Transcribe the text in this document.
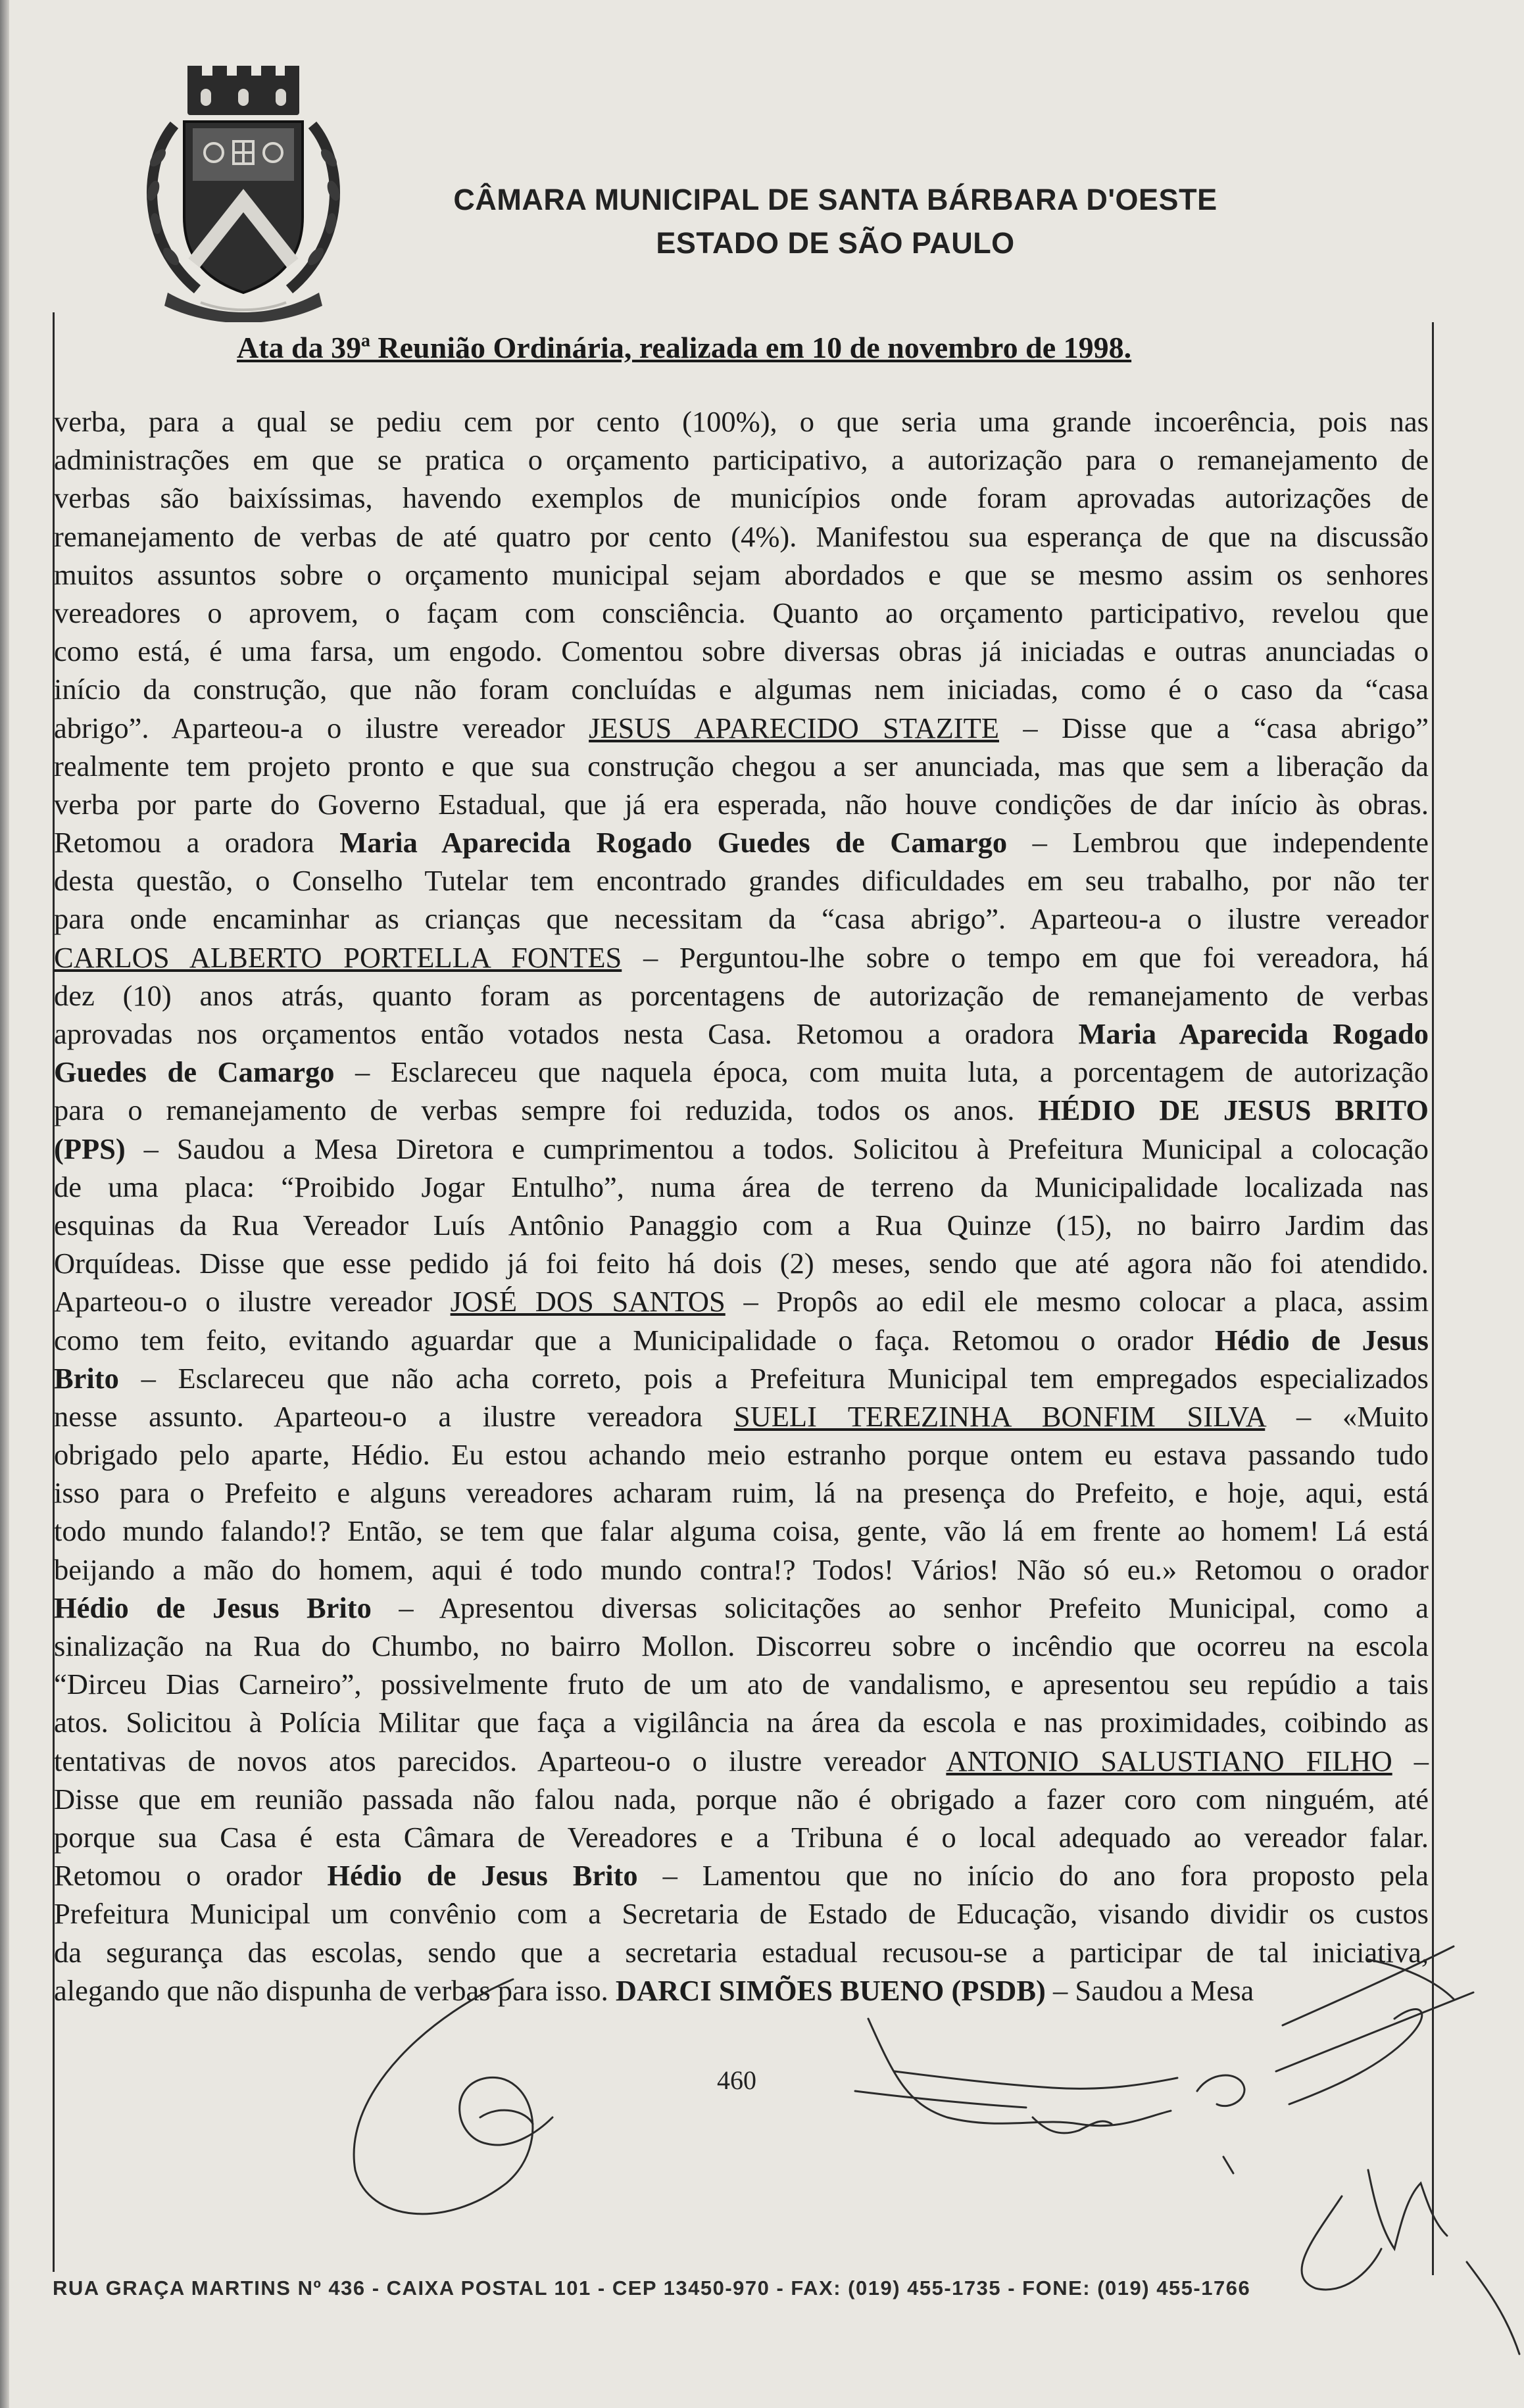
CÂMARA MUNICIPAL DE SANTA BÁRBARA D'OESTE
ESTADO DE SÃO PAULO
Ata da 39ª Reunião Ordinária, realizada em 10 de novembro de 1998.
verba, para a qual se pediu cem por cento (100%), o que seria uma grande incoerência, pois nas
administrações em que se pratica o orçamento participativo, a autorização para o remanejamento de
verbas são baixíssimas, havendo exemplos de municípios onde foram aprovadas autorizações de
remanejamento de verbas de até quatro por cento (4%). Manifestou sua esperança de que na discussão
muitos assuntos sobre o orçamento municipal sejam abordados e que se mesmo assim os senhores
vereadores o aprovem, o façam com consciência. Quanto ao orçamento participativo, revelou que
como está, é uma farsa, um engodo. Comentou sobre diversas obras já iniciadas e outras anunciadas o
início da construção, que não foram concluídas e algumas nem iniciadas, como é o caso da “casa
abrigo”. Aparteou-a o ilustre vereador JESUS APARECIDO STAZITE – Disse que a “casa abrigo”
realmente tem projeto pronto e que sua construção chegou a ser anunciada, mas que sem a liberação da
verba por parte do Governo Estadual, que já era esperada, não houve condições de dar início às obras.
Retomou a oradora Maria Aparecida Rogado Guedes de Camargo – Lembrou que independente
desta questão, o Conselho Tutelar tem encontrado grandes dificuldades em seu trabalho, por não ter
para onde encaminhar as crianças que necessitam da “casa abrigo”. Aparteou-a o ilustre vereador
CARLOS ALBERTO PORTELLA FONTES – Perguntou-lhe sobre o tempo em que foi vereadora, há
dez (10) anos atrás, quanto foram as porcentagens de autorização de remanejamento de verbas
aprovadas nos orçamentos então votados nesta Casa. Retomou a oradora Maria Aparecida Rogado
Guedes de Camargo – Esclareceu que naquela época, com muita luta, a porcentagem de autorização
para o remanejamento de verbas sempre foi reduzida, todos os anos. HÉDIO DE JESUS BRITO
(PPS) – Saudou a Mesa Diretora e cumprimentou a todos. Solicitou à Prefeitura Municipal a colocação
de uma placa: “Proibido Jogar Entulho”, numa área de terreno da Municipalidade localizada nas
esquinas da Rua Vereador Luís Antônio Panaggio com a Rua Quinze (15), no bairro Jardim das
Orquídeas. Disse que esse pedido já foi feito há dois (2) meses, sendo que até agora não foi atendido.
Aparteou-o o ilustre vereador JOSÉ DOS SANTOS – Propôs ao edil ele mesmo colocar a placa, assim
como tem feito, evitando aguardar que a Municipalidade o faça. Retomou o orador Hédio de Jesus
Brito – Esclareceu que não acha correto, pois a Prefeitura Municipal tem empregados especializados
nesse assunto. Aparteou-o a ilustre vereadora SUELI TEREZINHA BONFIM SILVA – «Muito
obrigado pelo aparte, Hédio. Eu estou achando meio estranho porque ontem eu estava passando tudo
isso para o Prefeito e alguns vereadores acharam ruim, lá na presença do Prefeito, e hoje, aqui, está
todo mundo falando!? Então, se tem que falar alguma coisa, gente, vão lá em frente ao homem! Lá está
beijando a mão do homem, aqui é todo mundo contra!? Todos! Vários! Não só eu.» Retomou o orador
Hédio de Jesus Brito – Apresentou diversas solicitações ao senhor Prefeito Municipal, como a
sinalização na Rua do Chumbo, no bairro Mollon. Discorreu sobre o incêndio que ocorreu na escola
“Dirceu Dias Carneiro”, possivelmente fruto de um ato de vandalismo, e apresentou seu repúdio a tais
atos. Solicitou à Polícia Militar que faça a vigilância na área da escola e nas proximidades, coibindo as
tentativas de novos atos parecidos. Aparteou-o o ilustre vereador ANTONIO SALUSTIANO FILHO –
Disse que em reunião passada não falou nada, porque não é obrigado a fazer coro com ninguém, até
porque sua Casa é esta Câmara de Vereadores e a Tribuna é o local adequado ao vereador falar.
Retomou o orador Hédio de Jesus Brito – Lamentou que no início do ano fora proposto pela
Prefeitura Municipal um convênio com a Secretaria de Estado de Educação, visando dividir os custos
da segurança das escolas, sendo que a secretaria estadual recusou-se a participar de tal iniciativa,
alegando que não dispunha de verbas para isso. DARCI SIMÕES BUENO (PSDB) – Saudou a Mesa
460
RUA GRAÇA MARTINS Nº 436 - CAIXA POSTAL 101 - CEP 13450-970 - FAX: (019) 455-1735 - FONE: (019) 455-1766
